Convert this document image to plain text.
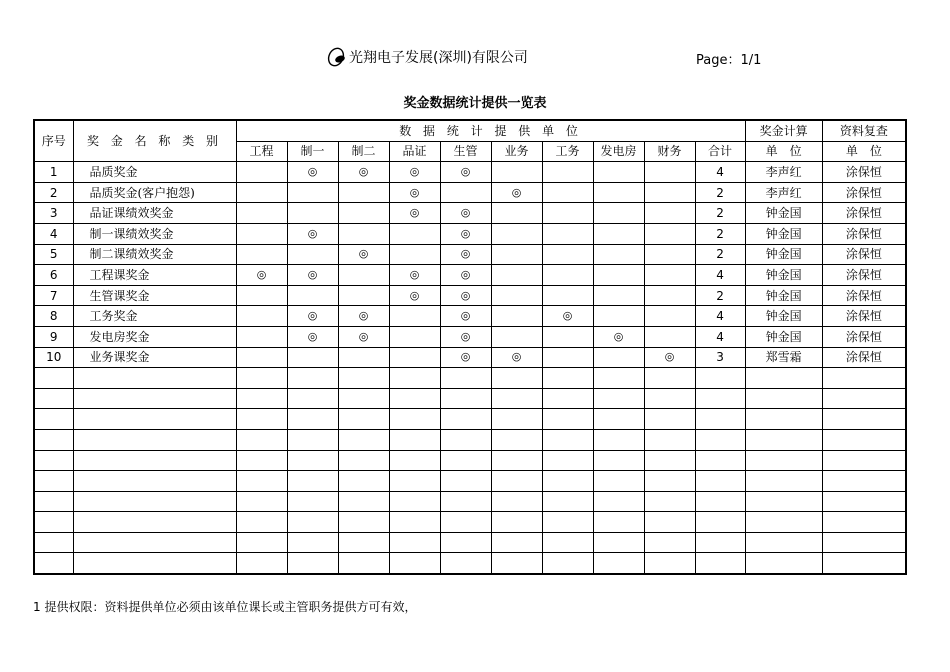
光翔电子发展(深圳)有限公司	Page：1/1
奖金数据统计提供一览表
序号	奖 金 名 称 类 别	数 据 统 计 提 供 单 位										奖金计算	资料复查
		工程	制一	制二	品证	生管	业务	工务	发电房	财务	合计	单　位	单　位
1	品质奖金		◎	◎	◎	◎					4	李声红	涂保恒
2	品质奖金(客户抱怨)				◎		◎				2	李声红	涂保恒
3	品证课绩效奖金				◎	◎					2	钟金国	涂保恒
4	制一课绩效奖金		◎			◎					2	钟金国	涂保恒
5	制二课绩效奖金			◎		◎					2	钟金国	涂保恒
6	工程课奖金	◎	◎		◎	◎					4	钟金国	涂保恒
7	生管课奖金				◎	◎					2	钟金国	涂保恒
8	工务奖金		◎	◎		◎		◎			4	钟金国	涂保恒
9	发电房奖金		◎	◎		◎			◎		4	钟金国	涂保恒
10	业务课奖金					◎	◎			◎	3	郑雪霜	涂保恒

1 提供权限：资料提供单位必须由该单位课长或主管职务提供方可有效，
